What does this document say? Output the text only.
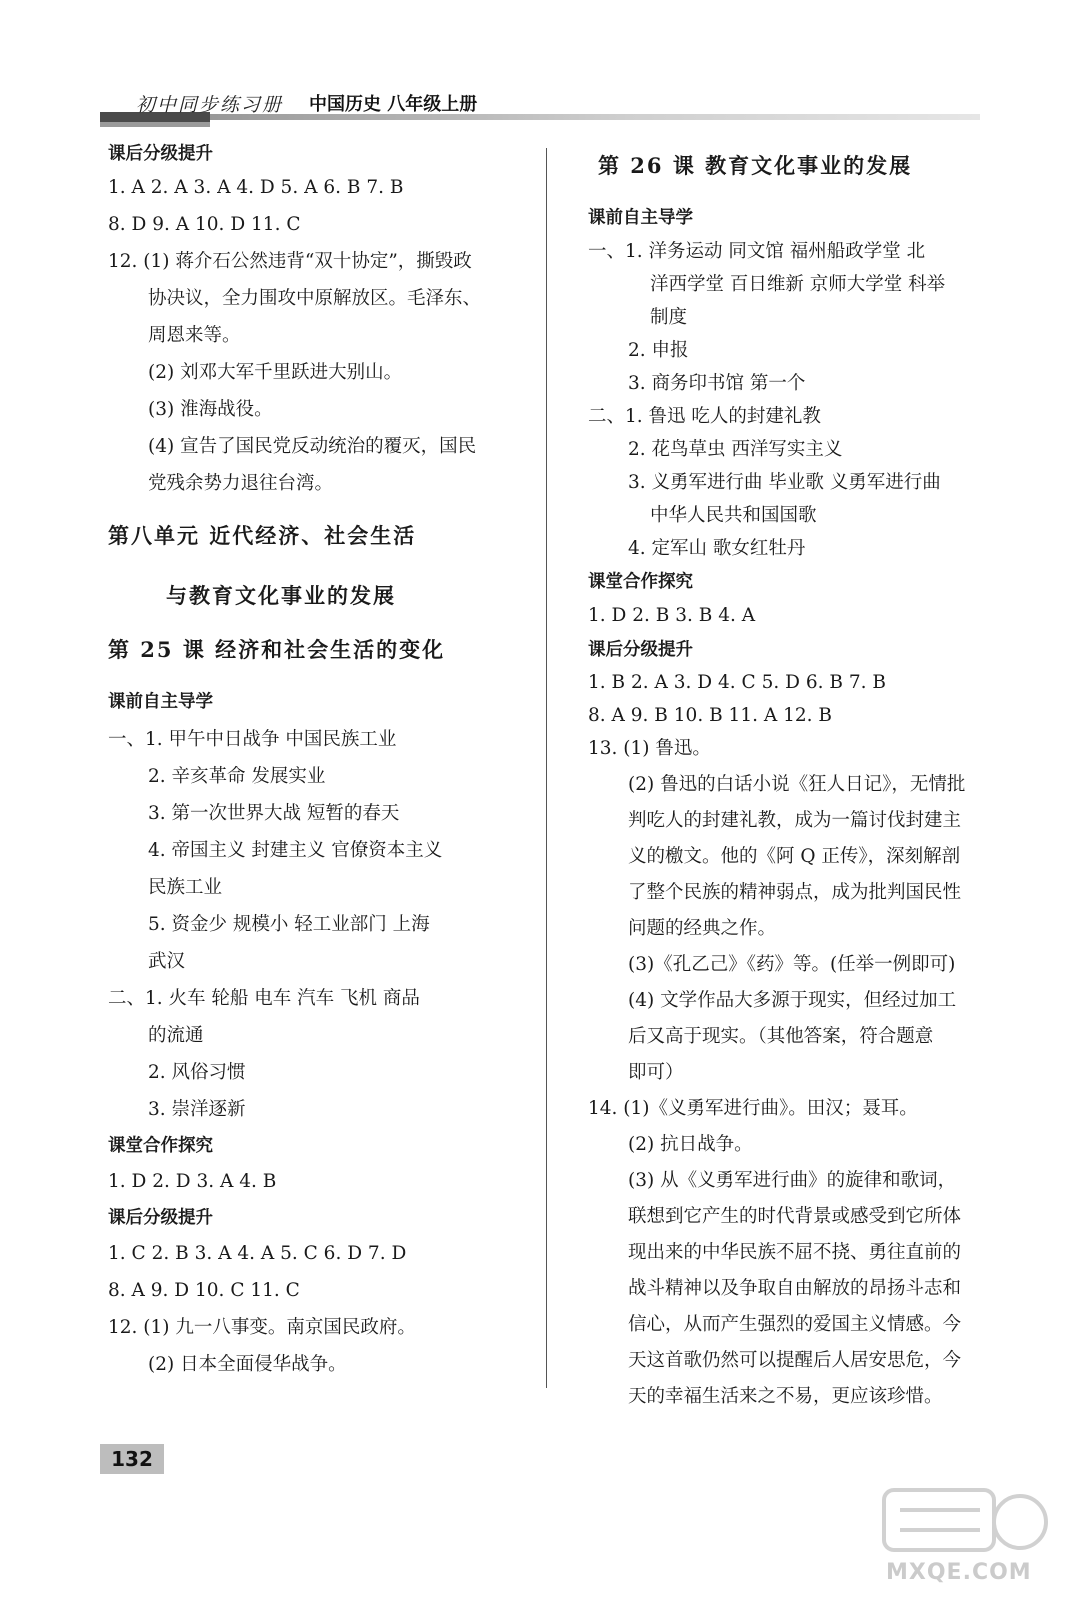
初中同步练习册 中国历史 八年级上册
课后分级提升
1. A 2. A 3. A 4. D 5. A 6. B 7. B
8. D 9. A 10. D 11. C
12. (1) 蒋介石公然违背“双十协定”，撕毁政
协决议，全力围攻中原解放区。毛泽东、
周恩来等。
(2) 刘邓大军千里跃进大别山。
(3) 淮海战役。
(4) 宣告了国民党反动统治的覆灭，国民
党残余势力退往台湾。
第八单元 近代经济、社会生活
与教育文化事业的发展
第 25 课 经济和社会生活的变化
课前自主导学
一、1. 甲午中日战争 中国民族工业
2. 辛亥革命 发展实业
3. 第一次世界大战 短暂的春天
4. 帝国主义 封建主义 官僚资本主义
民族工业
5. 资金少 规模小 轻工业部门 上海
武汉
二、1. 火车 轮船 电车 汽车 飞机 商品
的流通
2. 风俗习惯
3. 崇洋逐新
课堂合作探究
1. D 2. D 3. A 4. B
课后分级提升
1. C 2. B 3. A 4. A 5. C 6. D 7. D
8. A 9. D 10. C 11. C
12. (1) 九一八事变。南京国民政府。
(2) 日本全面侵华战争。
第 26 课 教育文化事业的发展
课前自主导学
一、1. 洋务运动 同文馆 福州船政学堂 北
洋西学堂 百日维新 京师大学堂 科举
制度
2. 申报
3. 商务印书馆 第一个
二、1. 鲁迅 吃人的封建礼教
2. 花鸟草虫 西洋写实主义
3. 义勇军进行曲 毕业歌 义勇军进行曲
中华人民共和国国歌
4. 定军山 歌女红牡丹
课堂合作探究
1. D 2. B 3. B 4. A
课后分级提升
1. B 2. A 3. D 4. C 5. D 6. B 7. B
8. A 9. B 10. B 11. A 12. B
13. (1) 鲁迅。
(2) 鲁迅的白话小说《狂人日记》，无情批
判吃人的封建礼教，成为一篇讨伐封建主
义的檄文。他的《阿 Q 正传》，深刻解剖
了整个民族的精神弱点，成为批判国民性
问题的经典之作。
(3)《孔乙己》《药》等。(任举一例即可)
(4) 文学作品大多源于现实，但经过加工
后又高于现实。（其他答案，符合题意
即可）
14. (1)《义勇军进行曲》。田汉；聂耳。
(2) 抗日战争。
(3) 从《义勇军进行曲》的旋律和歌词，
联想到它产生的时代背景或感受到它所体
现出来的中华民族不屈不挠、勇往直前的
战斗精神以及争取自由解放的昂扬斗志和
信心，从而产生强烈的爱国主义情感。今
天这首歌仍然可以提醒后人居安思危，今
天的幸福生活来之不易，更应该珍惜。
132
MXQE.COM
